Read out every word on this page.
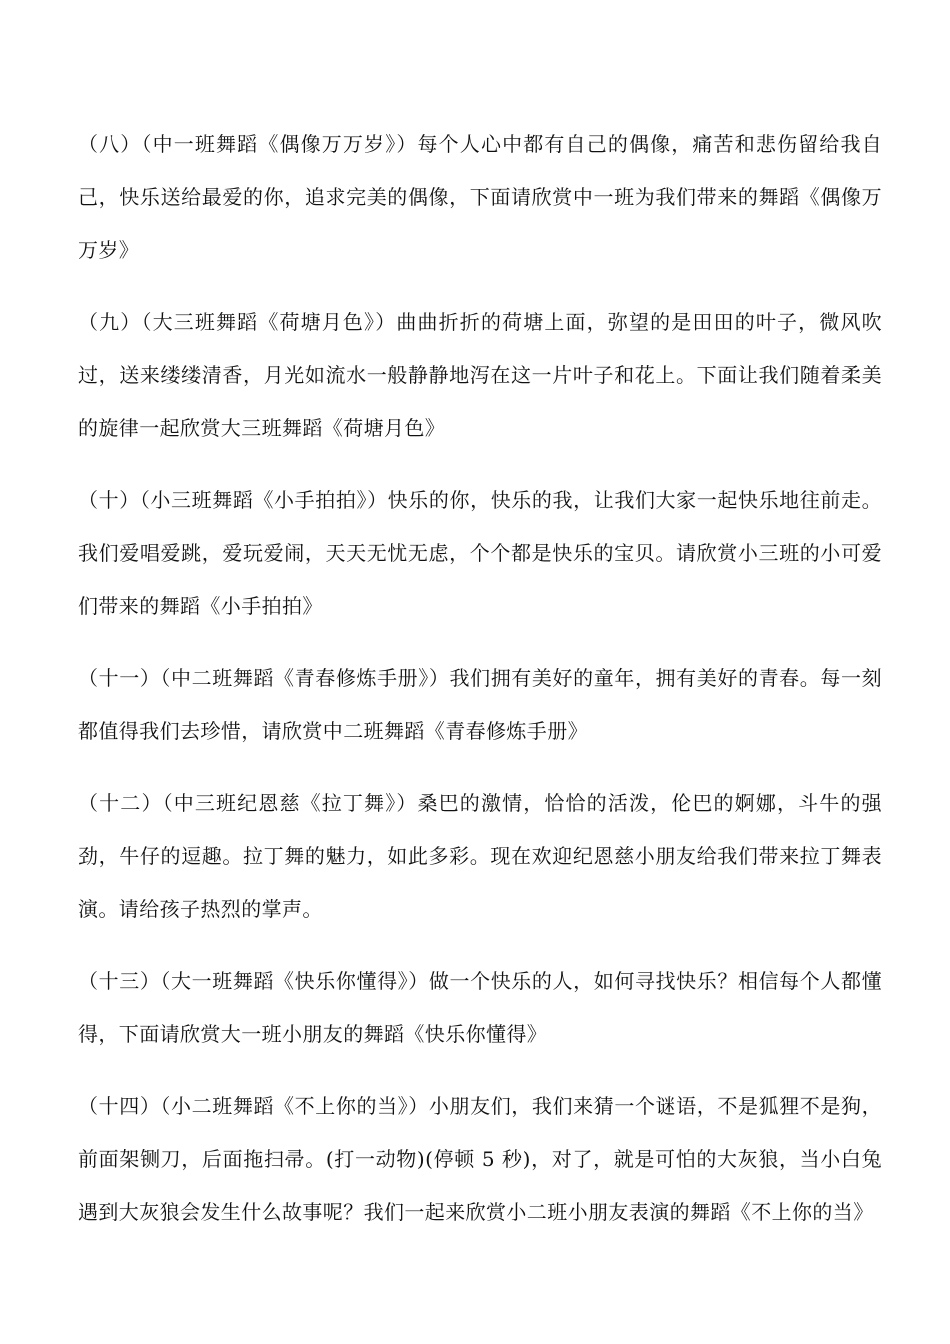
（八）（中一班舞蹈《偶像万万岁》）每个人心中都有自己的偶像，痛苦和悲伤留给我自己，快乐送给最爱的你，追求完美的偶像，下面请欣赏中一班为我们带来的舞蹈《偶像万万岁》

（九）（大三班舞蹈《荷塘月色》）曲曲折折的荷塘上面，弥望的是田田的叶子，微风吹过，送来缕缕清香，月光如流水一般静静地泻在这一片叶子和花上。下面让我们随着柔美的旋律一起欣赏大三班舞蹈《荷塘月色》

（十）（小三班舞蹈《小手拍拍》）快乐的你，快乐的我，让我们大家一起快乐地往前走。我们爱唱爱跳，爱玩爱闹，天天无忧无虑，个个都是快乐的宝贝。请欣赏小三班的小可爱们带来的舞蹈《小手拍拍》

（十一）（中二班舞蹈《青春修炼手册》）我们拥有美好的童年，拥有美好的青春。每一刻都值得我们去珍惜，请欣赏中二班舞蹈《青春修炼手册》

（十二）（中三班纪恩慈《拉丁舞》）桑巴的激情，恰恰的活泼，伦巴的婀娜，斗牛的强劲，牛仔的逗趣。拉丁舞的魅力，如此多彩。现在欢迎纪恩慈小朋友给我们带来拉丁舞表演。请给孩子热烈的掌声。

（十三）（大一班舞蹈《快乐你懂得》）做一个快乐的人，如何寻找快乐？相信每个人都懂得，下面请欣赏大一班小朋友的舞蹈《快乐你懂得》

（十四）（小二班舞蹈《不上你的当》）小朋友们，我们来猜一个谜语，不是狐狸不是狗，前面架铡刀，后面拖扫帚。(打一动物)(停顿 5 秒)，对了，就是可怕的大灰狼，当小白兔遇到大灰狼会发生什么故事呢？我们一起来欣赏小二班小朋友表演的舞蹈《不上你的当》
